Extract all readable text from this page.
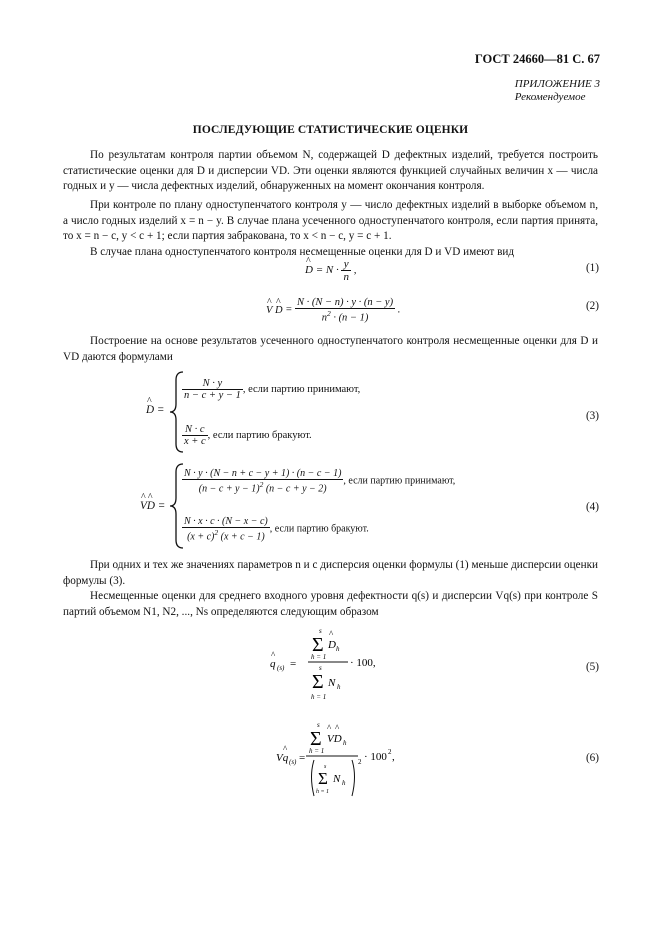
ГОСТ 24660—81 С. 67
ПРИЛОЖЕНИЕ 3
Рекомендуемое
ПОСЛЕДУЮЩИЕ СТАТИСТИЧЕСКИЕ ОЦЕНКИ

По результатам контроля партии объемом N, содержащей D дефектных изделий, требуется построить статистические оценки для D и дисперсии VD. Эти оценки являются функцией случайных величин x — числа годных и y — числа дефектных изделий, обнаруженных на момент окончания контроля.

При контроле по плану одноступенчатого контроля y — число дефектных изделий в выборке объемом n, а число годных изделий x = n − y. В случае плана усеченного одноступенчатого контроля, если партия принята, то x = n − c, y < c + 1; если партия забракована, то x < n − c, y = c + 1.

В случае плана одноступенчатого контроля несмещенные оценки для D и VD имеют вид

^ $D = N \cdot \frac{y}{n}$ ,	(1)
^ V ^ $D = \frac{N \cdot (N - n) \cdot y \cdot (n - y)}{n^2 \cdot (n - 1)}$ .	(2)

Построение на основе результатов усеченного одноступенчатого контроля несмещенные оценки для D и VD даются формулами

^ D =
$\frac{N \cdot y}{n - c + y - 1}$ , если партию принимают,
$\frac{N \cdot c}{x + c}$ , если партию бракуют.
(3)
^ V^ D =
$\frac{N \cdot y \cdot (N - n + c - y + 1) \cdot (n - c - 1)}{(n - c + y - 1)^2 (n - c + y - 2)}$ , если партию принимают,
$\frac{N \cdot x \cdot c \cdot (N - x - c)}{(x + c)^2 (x + c - 1)}$ , если партию бракуют.
(4)

При одних и тех же значениях параметров n и c дисперсия оценки формулы (1) меньше дисперсии оценки формулы (3).

Несмещенные оценки для среднего входного уровня дефектности q(s) и дисперсии Vq(s) при контроле S партий объемом N1, N2, ..., Ns определяются следующим образом

s
Σ D
^
h
h = 1
s
Σ N h
h = 1
q
^
(s) =	· 100,	(5)
s
Σ VD
^ ^
h
h = 1
2
s
Σ N h
h = 1
Vq
^
(s) =	· 100 2 ,	(6)
